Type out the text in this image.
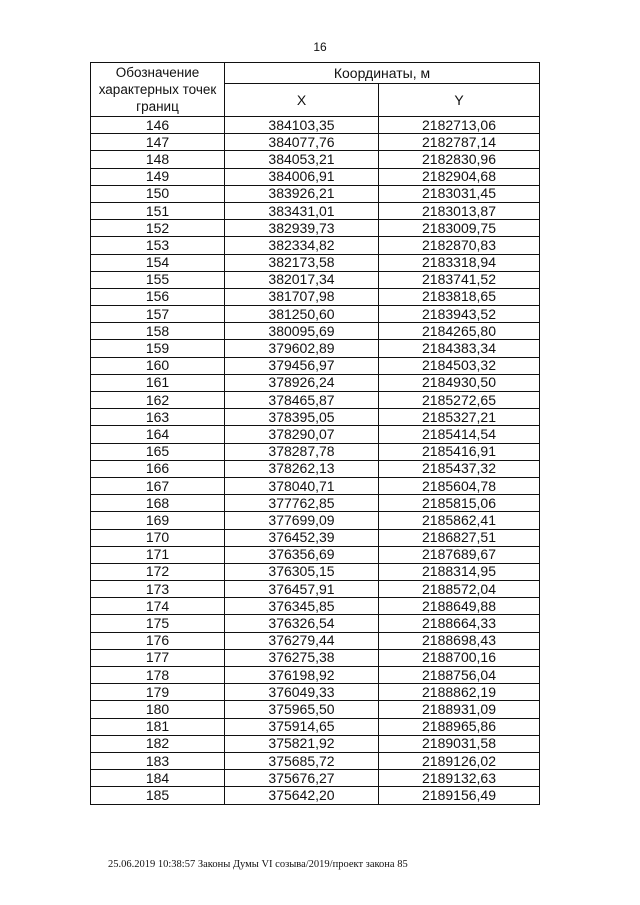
16
Обозначение характерных точек границ	Координаты, м	
	X	Y
146	384103,35	2182713,06
147	384077,76	2182787,14
148	384053,21	2182830,96
149	384006,91	2182904,68
150	383926,21	2183031,45
151	383431,01	2183013,87
152	382939,73	2183009,75
153	382334,82	2182870,83
154	382173,58	2183318,94
155	382017,34	2183741,52
156	381707,98	2183818,65
157	381250,60	2183943,52
158	380095,69	2184265,80
159	379602,89	2184383,34
160	379456,97	2184503,32
161	378926,24	2184930,50
162	378465,87	2185272,65
163	378395,05	2185327,21
164	378290,07	2185414,54
165	378287,78	2185416,91
166	378262,13	2185437,32
167	378040,71	2185604,78
168	377762,85	2185815,06
169	377699,09	2185862,41
170	376452,39	2186827,51
171	376356,69	2187689,67
172	376305,15	2188314,95
173	376457,91	2188572,04
174	376345,85	2188649,88
175	376326,54	2188664,33
176	376279,44	2188698,43
177	376275,38	2188700,16
178	376198,92	2188756,04
179	376049,33	2188862,19
180	375965,50	2188931,09
181	375914,65	2188965,86
182	375821,92	2189031,58
183	375685,72	2189126,02
184	375676,27	2189132,63
185	375642,20	2189156,49
25.06.2019 10:38:57 Законы Думы VI созыва/2019/проект закона 85
